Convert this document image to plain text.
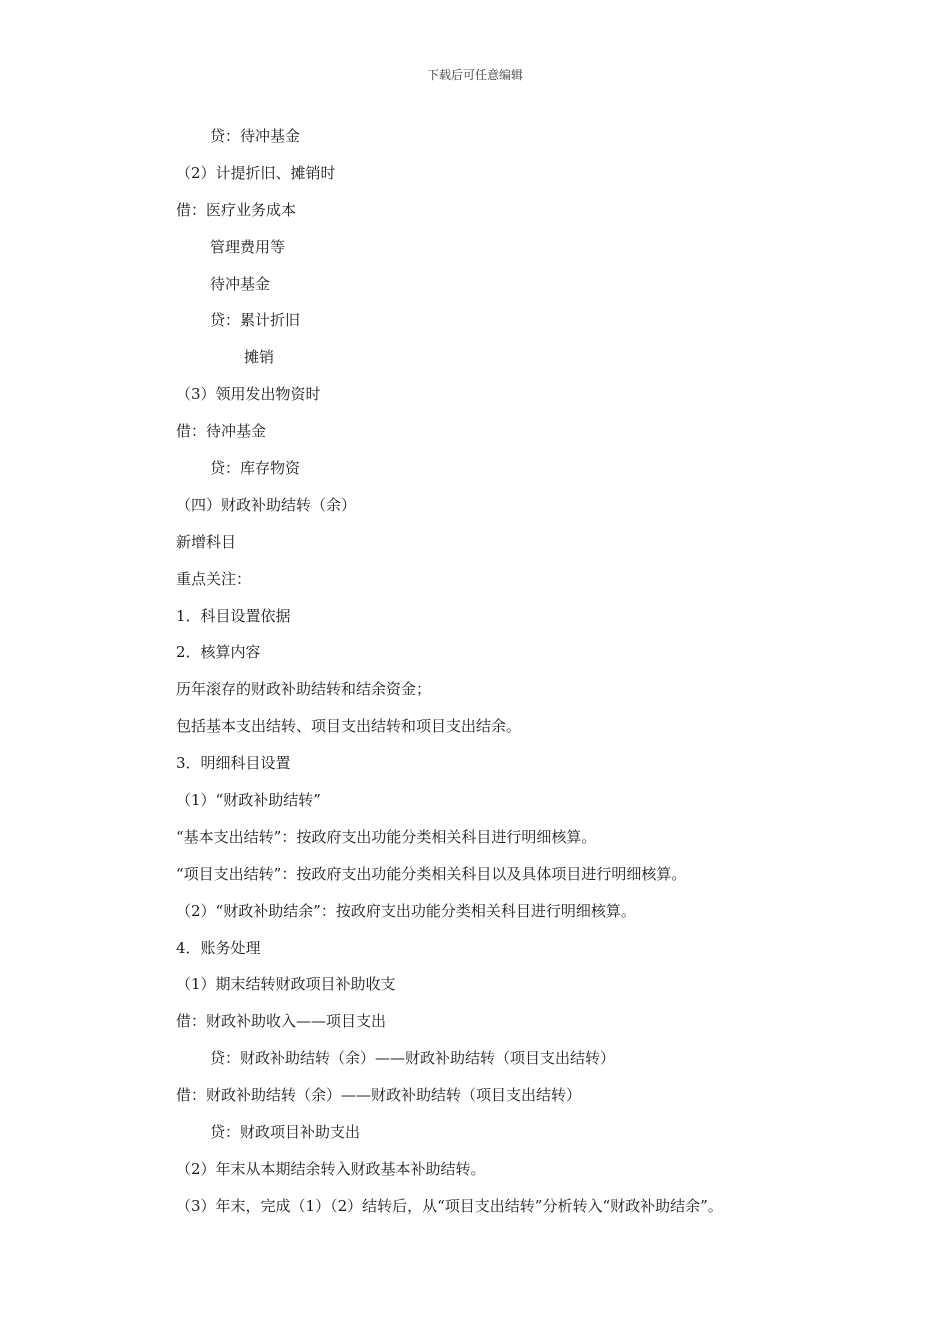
下载后可任意编辑
贷：待冲基金
（2）计提折旧、摊销时
借：医疗业务成本
管理费用等
待冲基金
贷：累计折旧
摊销
（3）领用发出物资时
借：待冲基金
贷：库存物资
（四）财政补助结转（余）
新增科目
重点关注：
1．科目设置依据
2．核算内容
历年滚存的财政补助结转和结余资金；
包括基本支出结转、项目支出结转和项目支出结余。
3．明细科目设置
（1）“财政补助结转”
“基本支出结转”：按政府支出功能分类相关科目进行明细核算。
“项目支出结转”：按政府支出功能分类相关科目以及具体项目进行明细核算。
（2）“财政补助结余”：按政府支出功能分类相关科目进行明细核算。
4．账务处理
（1）期末结转财政项目补助收支
借：财政补助收入——项目支出
贷：财政补助结转（余）——财政补助结转（项目支出结转）
借：财政补助结转（余）——财政补助结转（项目支出结转）
贷：财政项目补助支出
（2）年末从本期结余转入财政基本补助结转。
（3）年末，完成（1）（2）结转后，从“项目支出结转”分析转入“财政补助结余”。
